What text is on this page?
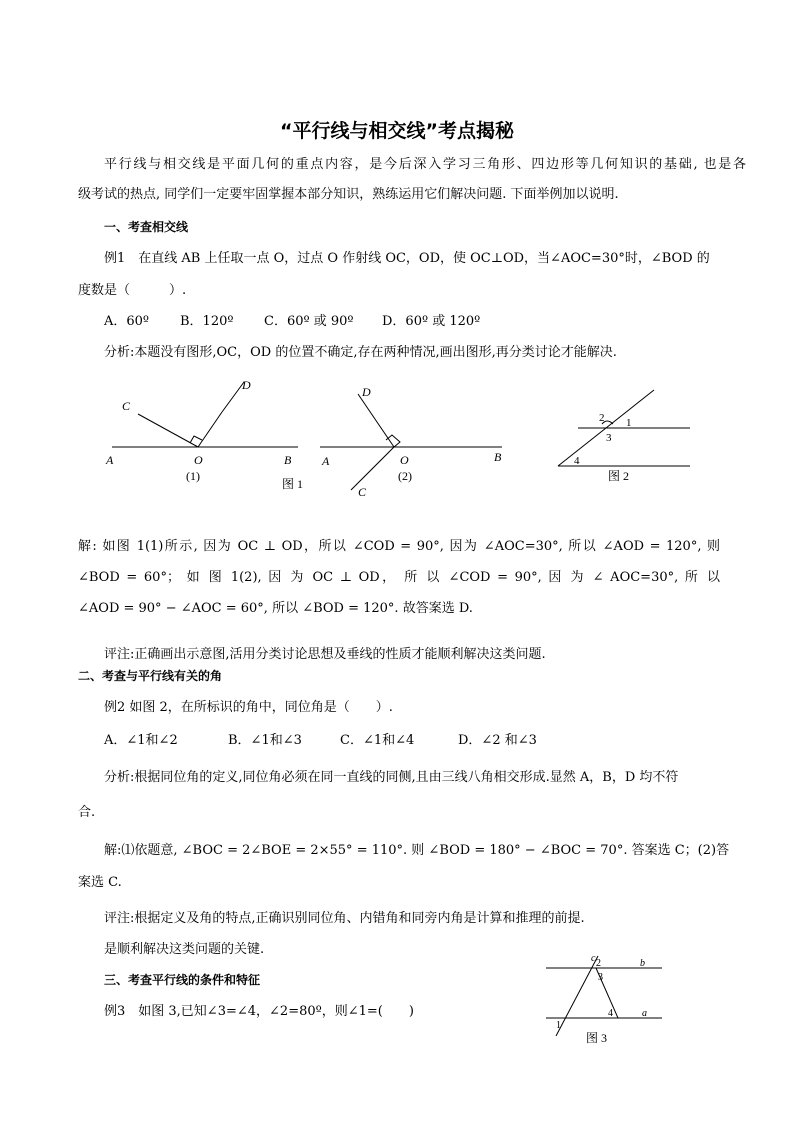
“平行线与相交线”考点揭秘
平行线与相交线是平面几何的重点内容，是今后深入学习三角形、四边形等几何知识的基础, 也是各
级考试的热点, 同学们一定要牢固掌握本部分知识，熟练运用它们解决问题. 下面举例加以说明.
一、考查相交线
例1　在直线 AB 上任取一点 O，过点 O 作射线 OC，OD，使 OC⊥OD，当∠AOC=30°时，∠BOD 的
度数是（　　　）.
A．60º B．120º C．60º 或 90º D．60º 或 120º
分析:本题没有图形,OC，OD 的位置不确定,存在两种情况,画出图形,再分类讨论才能解决.
A	B
C
D
O	A	B
C
D
O
(1)	(2)
图 1
2 1
3
4
图 2
解: 如图 1(1)所示, 因为 OC ⊥ OD，所以 ∠COD = 90°, 因为 ∠AOC=30°, 所以 ∠AOD = 120°, 则
∠BOD = 60°； 如 图 1(2), 因 为 OC ⊥ OD， 所 以 ∠COD = 90°, 因 为 ∠ AOC=30°, 所 以
∠AOD = 90° − ∠AOC = 60°, 所以 ∠BOD = 120°. 故答案选 D.
评注:正确画出示意图,活用分类讨论思想及垂线的性质才能顺利解决这类问题.
二、考查与平行线有关的角
例2 如图 2，在所标识的角中，同位角是（　　）.
A．∠1和∠2	B．∠1和∠3	C．∠1和∠4	D．∠2 和∠3
分析:根据同位角的定义,同位角必须在同一直线的同侧,且由三线八角相交形成.显然 A，B，D 均不符
合.
解:⑴依题意, ∠BOC = 2∠BOE = 2×55° = 110°. 则 ∠BOD = 180° − ∠BOC = 70°. 答案选 C；(2)答
案选 C.
评注:根据定义及角的特点,正确识别同位角、内错角和同旁内角是计算和推理的前提.
是顺利解决这类问题的关键.
三、考查平行线的条件和特征
例3　如图 3,已知∠3=∠4，∠2=80º，则∠1=(　　)
c	b
a
2
3
4
1
图 3
